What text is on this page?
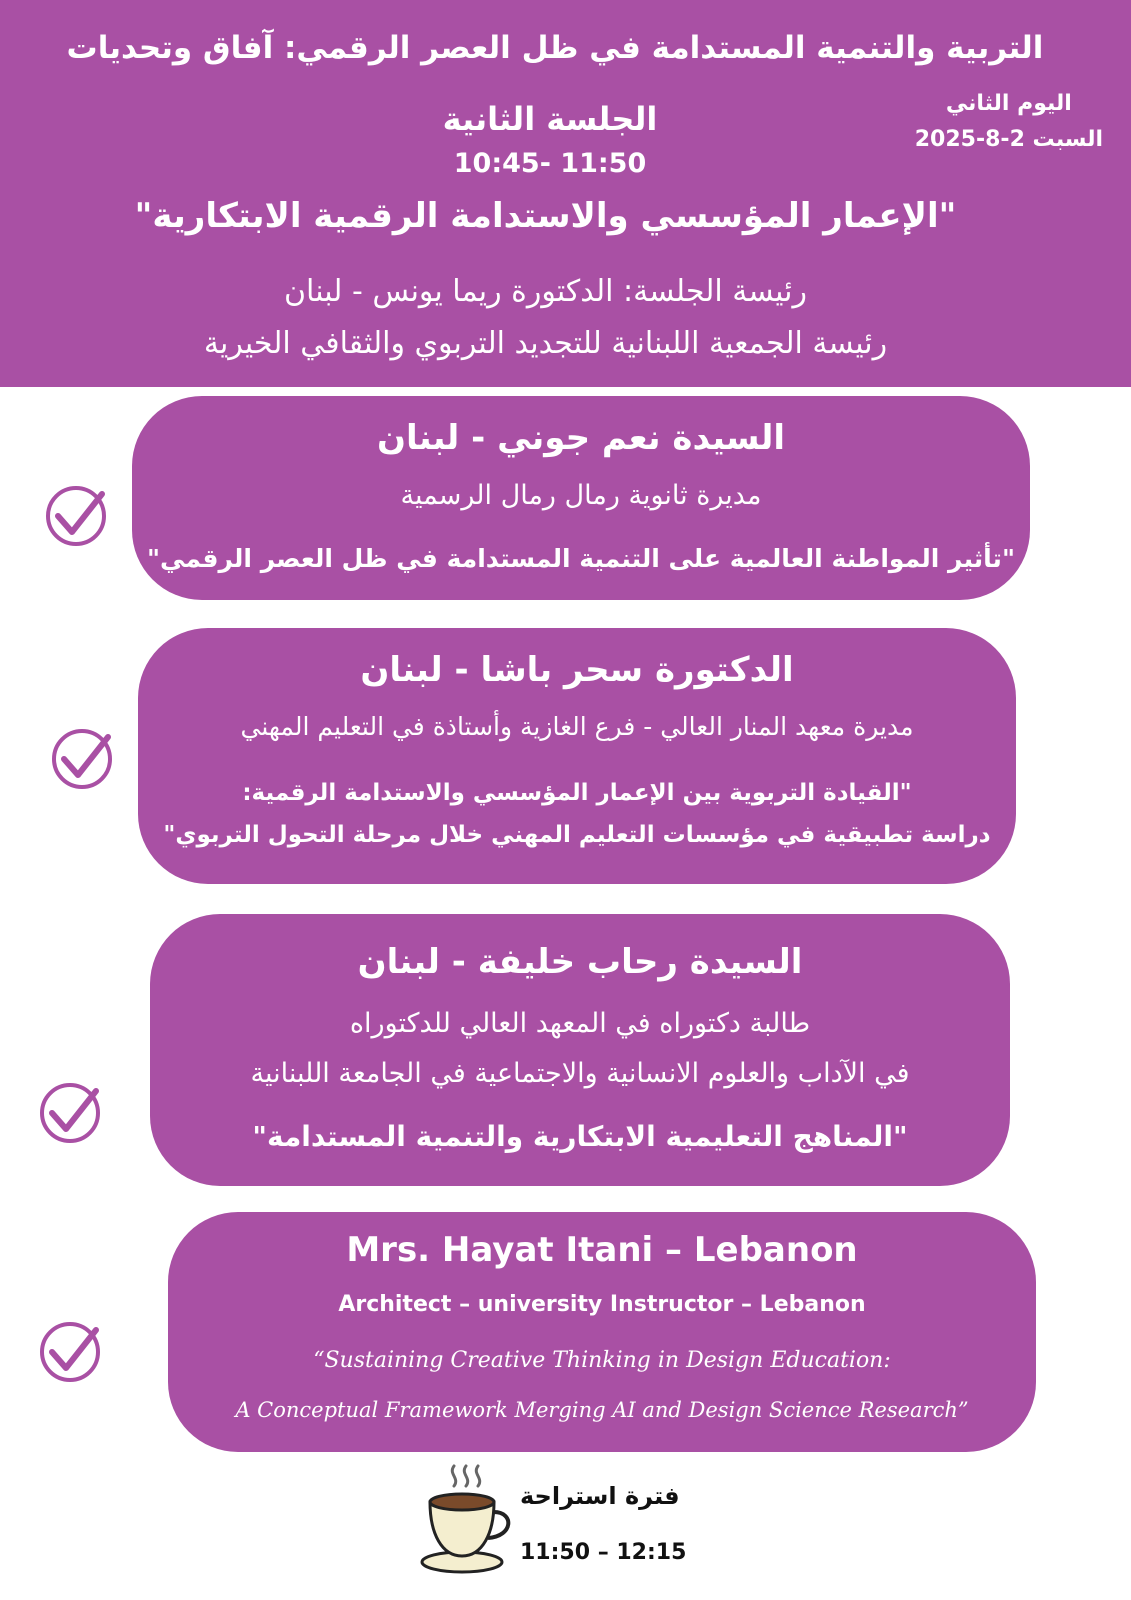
التربية والتنمية المستدامة في ظل العصر الرقمي: آفاق وتحديات
اليوم الثاني
السبت 2-8-2025
الجلسة الثانية
10:45- 11:50
"الإعمار المؤسسي والاستدامة الرقمية الابتكارية"
رئيسة الجلسة: الدكتورة ريما يونس - لبنان
رئيسة الجمعية اللبنانية للتجديد التربوي والثقافي الخيرية
السيدة نعم جوني - لبنان
مديرة ثانوية رمال رمال الرسمية
"تأثير المواطنة العالمية على التنمية المستدامة في ظل العصر الرقمي"
الدكتورة سحر باشا - لبنان
مديرة معهد المنار العالي - فرع الغازية وأستاذة في التعليم المهني
"القيادة التربوية بين الإعمار المؤسسي والاستدامة الرقمية:
دراسة تطبيقية في مؤسسات التعليم المهني خلال مرحلة التحول التربوي"
السيدة رحاب خليفة - لبنان
طالبة دكتوراه في المعهد العالي للدكتوراه
في الآداب والعلوم الانسانية والاجتماعية في الجامعة اللبنانية
"المناهج التعليمية الابتكارية والتنمية المستدامة"
Mrs. Hayat Itani – Lebanon
Architect – university Instructor – Lebanon
“Sustaining Creative Thinking in Design Education:
A Conceptual Framework Merging AI and Design Science Research”
فترة استراحة
11:50 – 12:15
